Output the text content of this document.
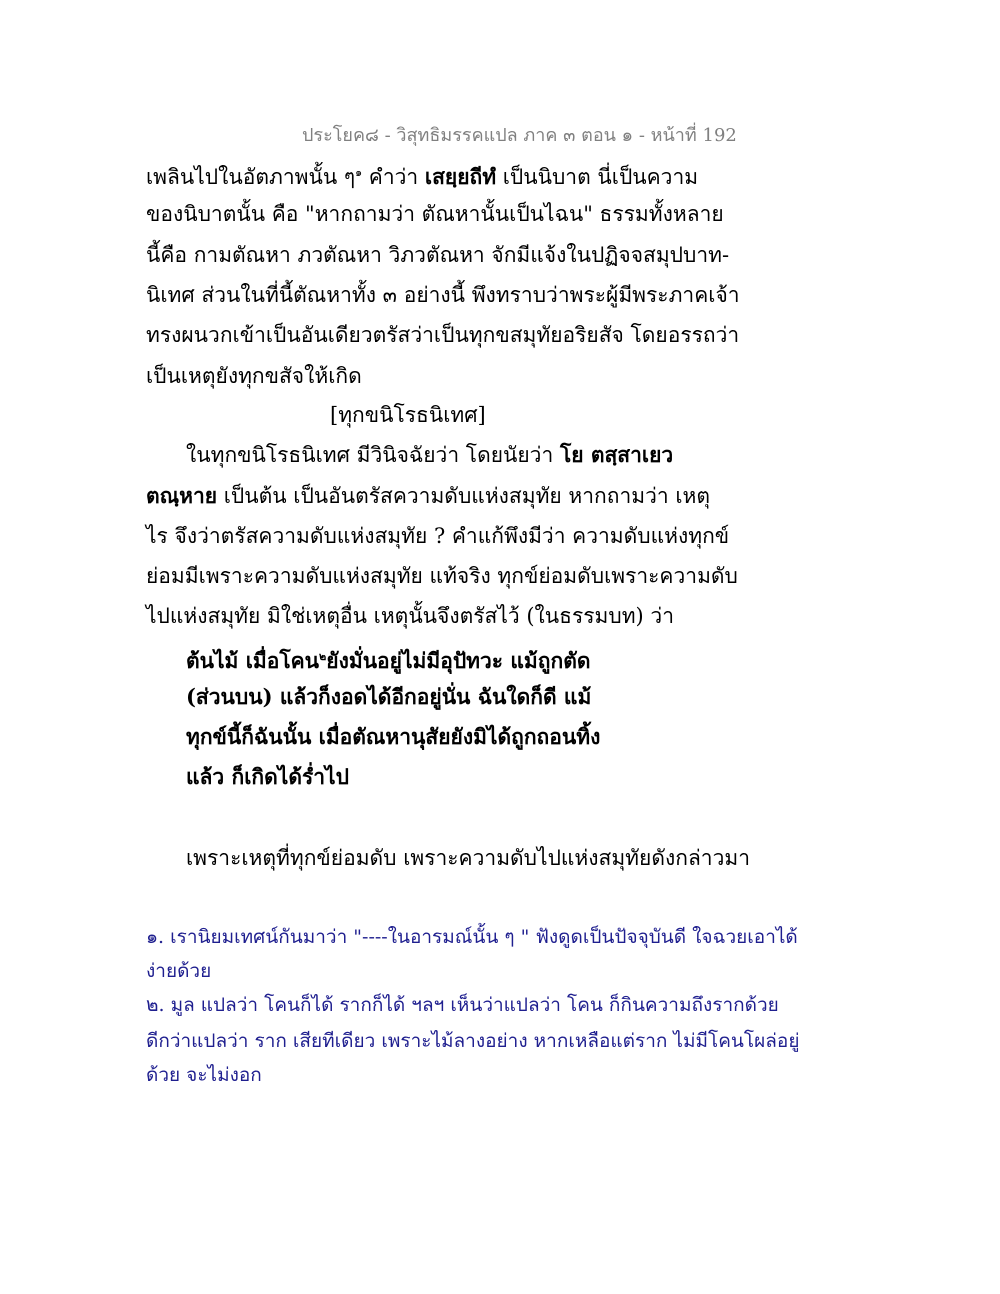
ประโยค๘ - วิสุทธิมรรคแปล ภาค ๓ ตอน ๑ - หน้าที่ 192
เพลินไปในอัตภาพนั้น ๆ$^๑$ คำว่า เสยฺยถีทํ เป็นนิบาต นี่เป็นความ
ของนิบาตนั้น คือ "หากถามว่า ตัณหานั้นเป็นไฉน" ธรรมทั้งหลาย
นี้คือ กามตัณหา ภวตัณหา วิภวตัณหา จักมีแจ้งในปฏิจจสมุปบาท-
นิเทศ ส่วนในที่นี้ตัณหาทั้ง ๓ อย่างนี้ พึงทราบว่าพระผู้มีพระภาคเจ้า
ทรงผนวกเข้าเป็นอันเดียวตรัสว่าเป็นทุกขสมุทัยอริยสัจ โดยอรรถว่า
เป็นเหตุยังทุกขสัจให้เกิด
[ทุกขนิโรธนิเทศ]
ในทุกขนิโรธนิเทศ มีวินิจฉัยว่า โดยนัยว่า โย ตสฺสาเยว
ตณฺหาย เป็นต้น เป็นอันตรัสความดับแห่งสมุทัย หากถามว่า เหตุ
ไร จึงว่าตรัสความดับแห่งสมุทัย ? คำแก้พึงมีว่า ความดับแห่งทุกข์
ย่อมมีเพราะความดับแห่งสมุทัย แท้จริง ทุกข์ย่อมดับเพราะความดับ
ไปแห่งสมุทัย มิใช่เหตุอื่น เหตุนั้นจึงตรัสไว้ (ในธรรมบท) ว่า
ต้นไม้ เมื่อโคน$^๒$ยังมั่นอยู่ไม่มีอุปัทวะ แม้ถูกตัด
(ส่วนบน) แล้วก็งอดได้อีกอยู่นั่น ฉันใดก็ดี แม้
ทุกข์นี้ก็ฉันนั้น เมื่อตัณหานุสัยยังมิได้ถูกถอนทิ้ง
แล้ว ก็เกิดได้ร่ำไป
เพราะเหตุที่ทุกข์ย่อมดับ เพราะความดับไปแห่งสมุทัยดังกล่าวมา
๑. เรานิยมเทศน์กันมาว่า "----ในอารมณ์นั้น ๆ " ฟังดูดเป็นปัจจุบันดี ใจฉวยเอาได้
ง่ายด้วย
๒. มูล แปลว่า โคนก็ได้ รากก็ได้ ฯลฯ เห็นว่าแปลว่า โคน ก็กินความถึงรากด้วย
ดีกว่าแปลว่า ราก เสียทีเดียว เพราะไม้ลางอย่าง หากเหลือแต่ราก ไม่มีโคนโผล่อยู่
ด้วย จะไม่งอก
